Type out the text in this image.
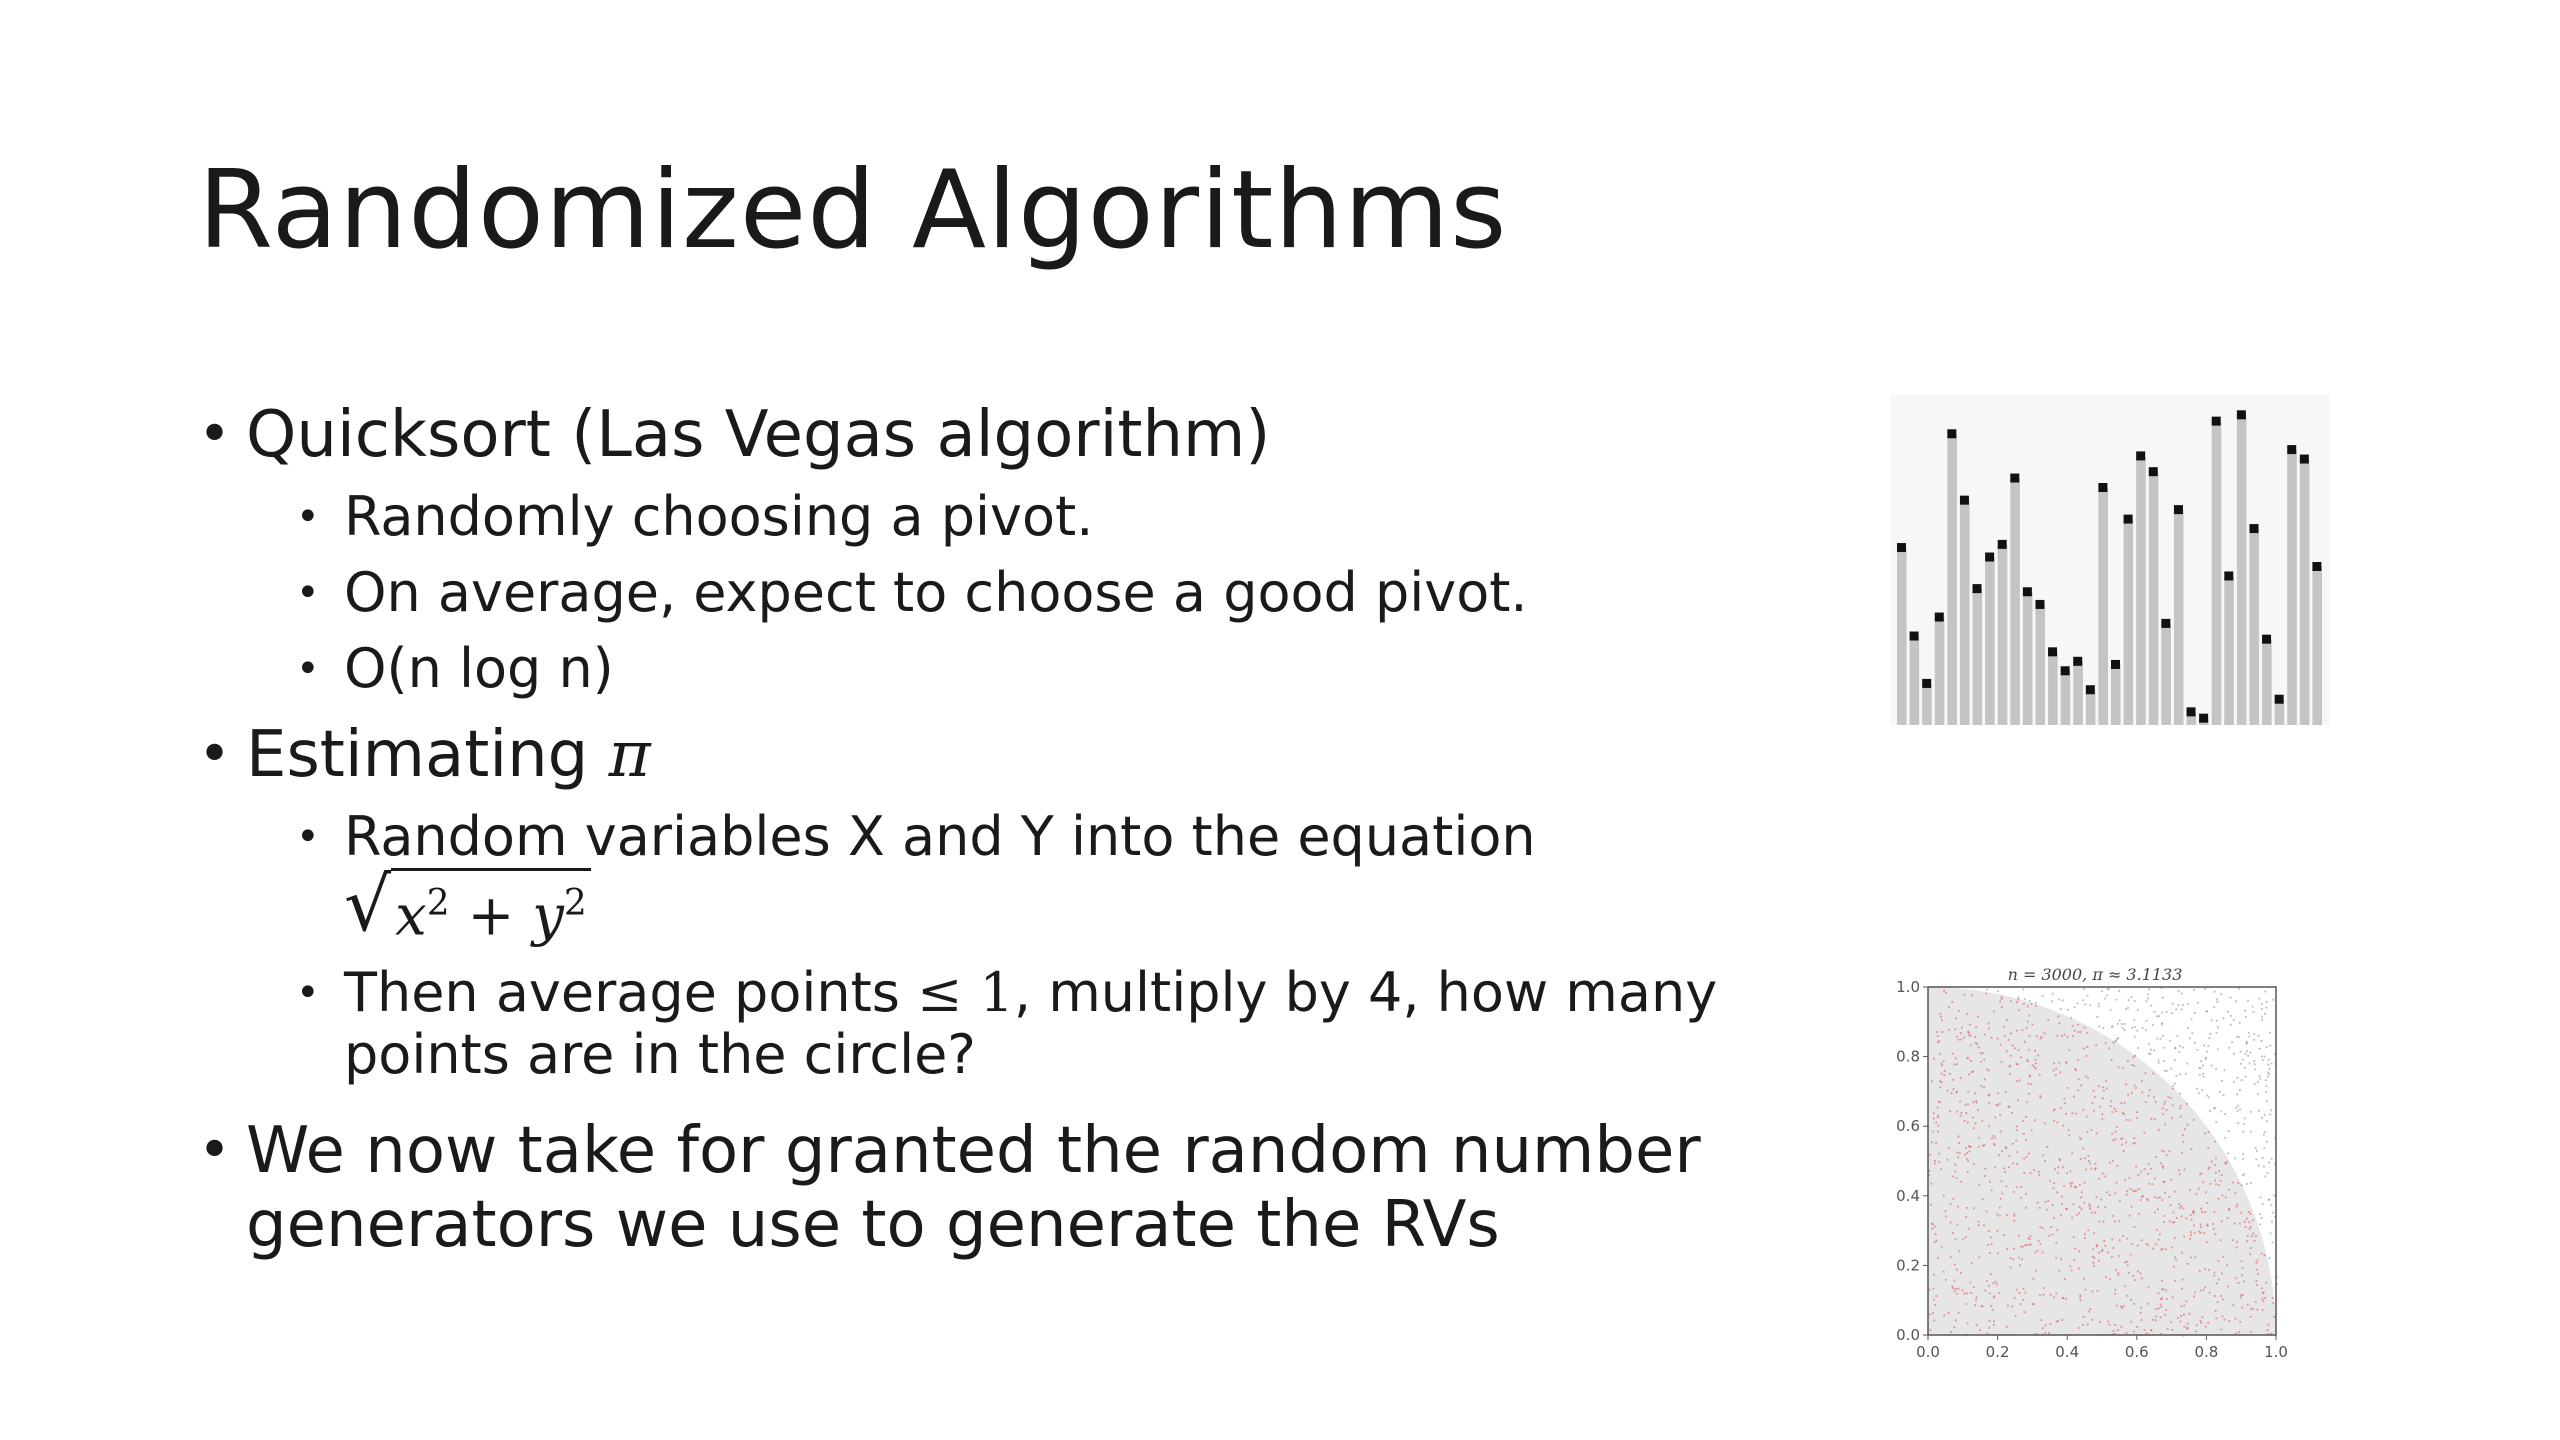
Randomized Algorithms
• Quicksort (Las Vegas algorithm)
• Randomly choosing a pivot.
• On average, expect to choose a good pivot.
• O(n log n)
• Estimating π
• Random variables X and Y into the equation

√ $x^2 + y^2$
• Then average points ≤ 1, multiply by 4, how many
points are in the circle?
• We now take for granted the random number
generators we use to generate the RVs
n = 3000, π ≈ 3.1133
0.0	0.2	0.4	0.6	0.8	1.0
0.0
0.2
0.4
0.6
0.8
1.0
